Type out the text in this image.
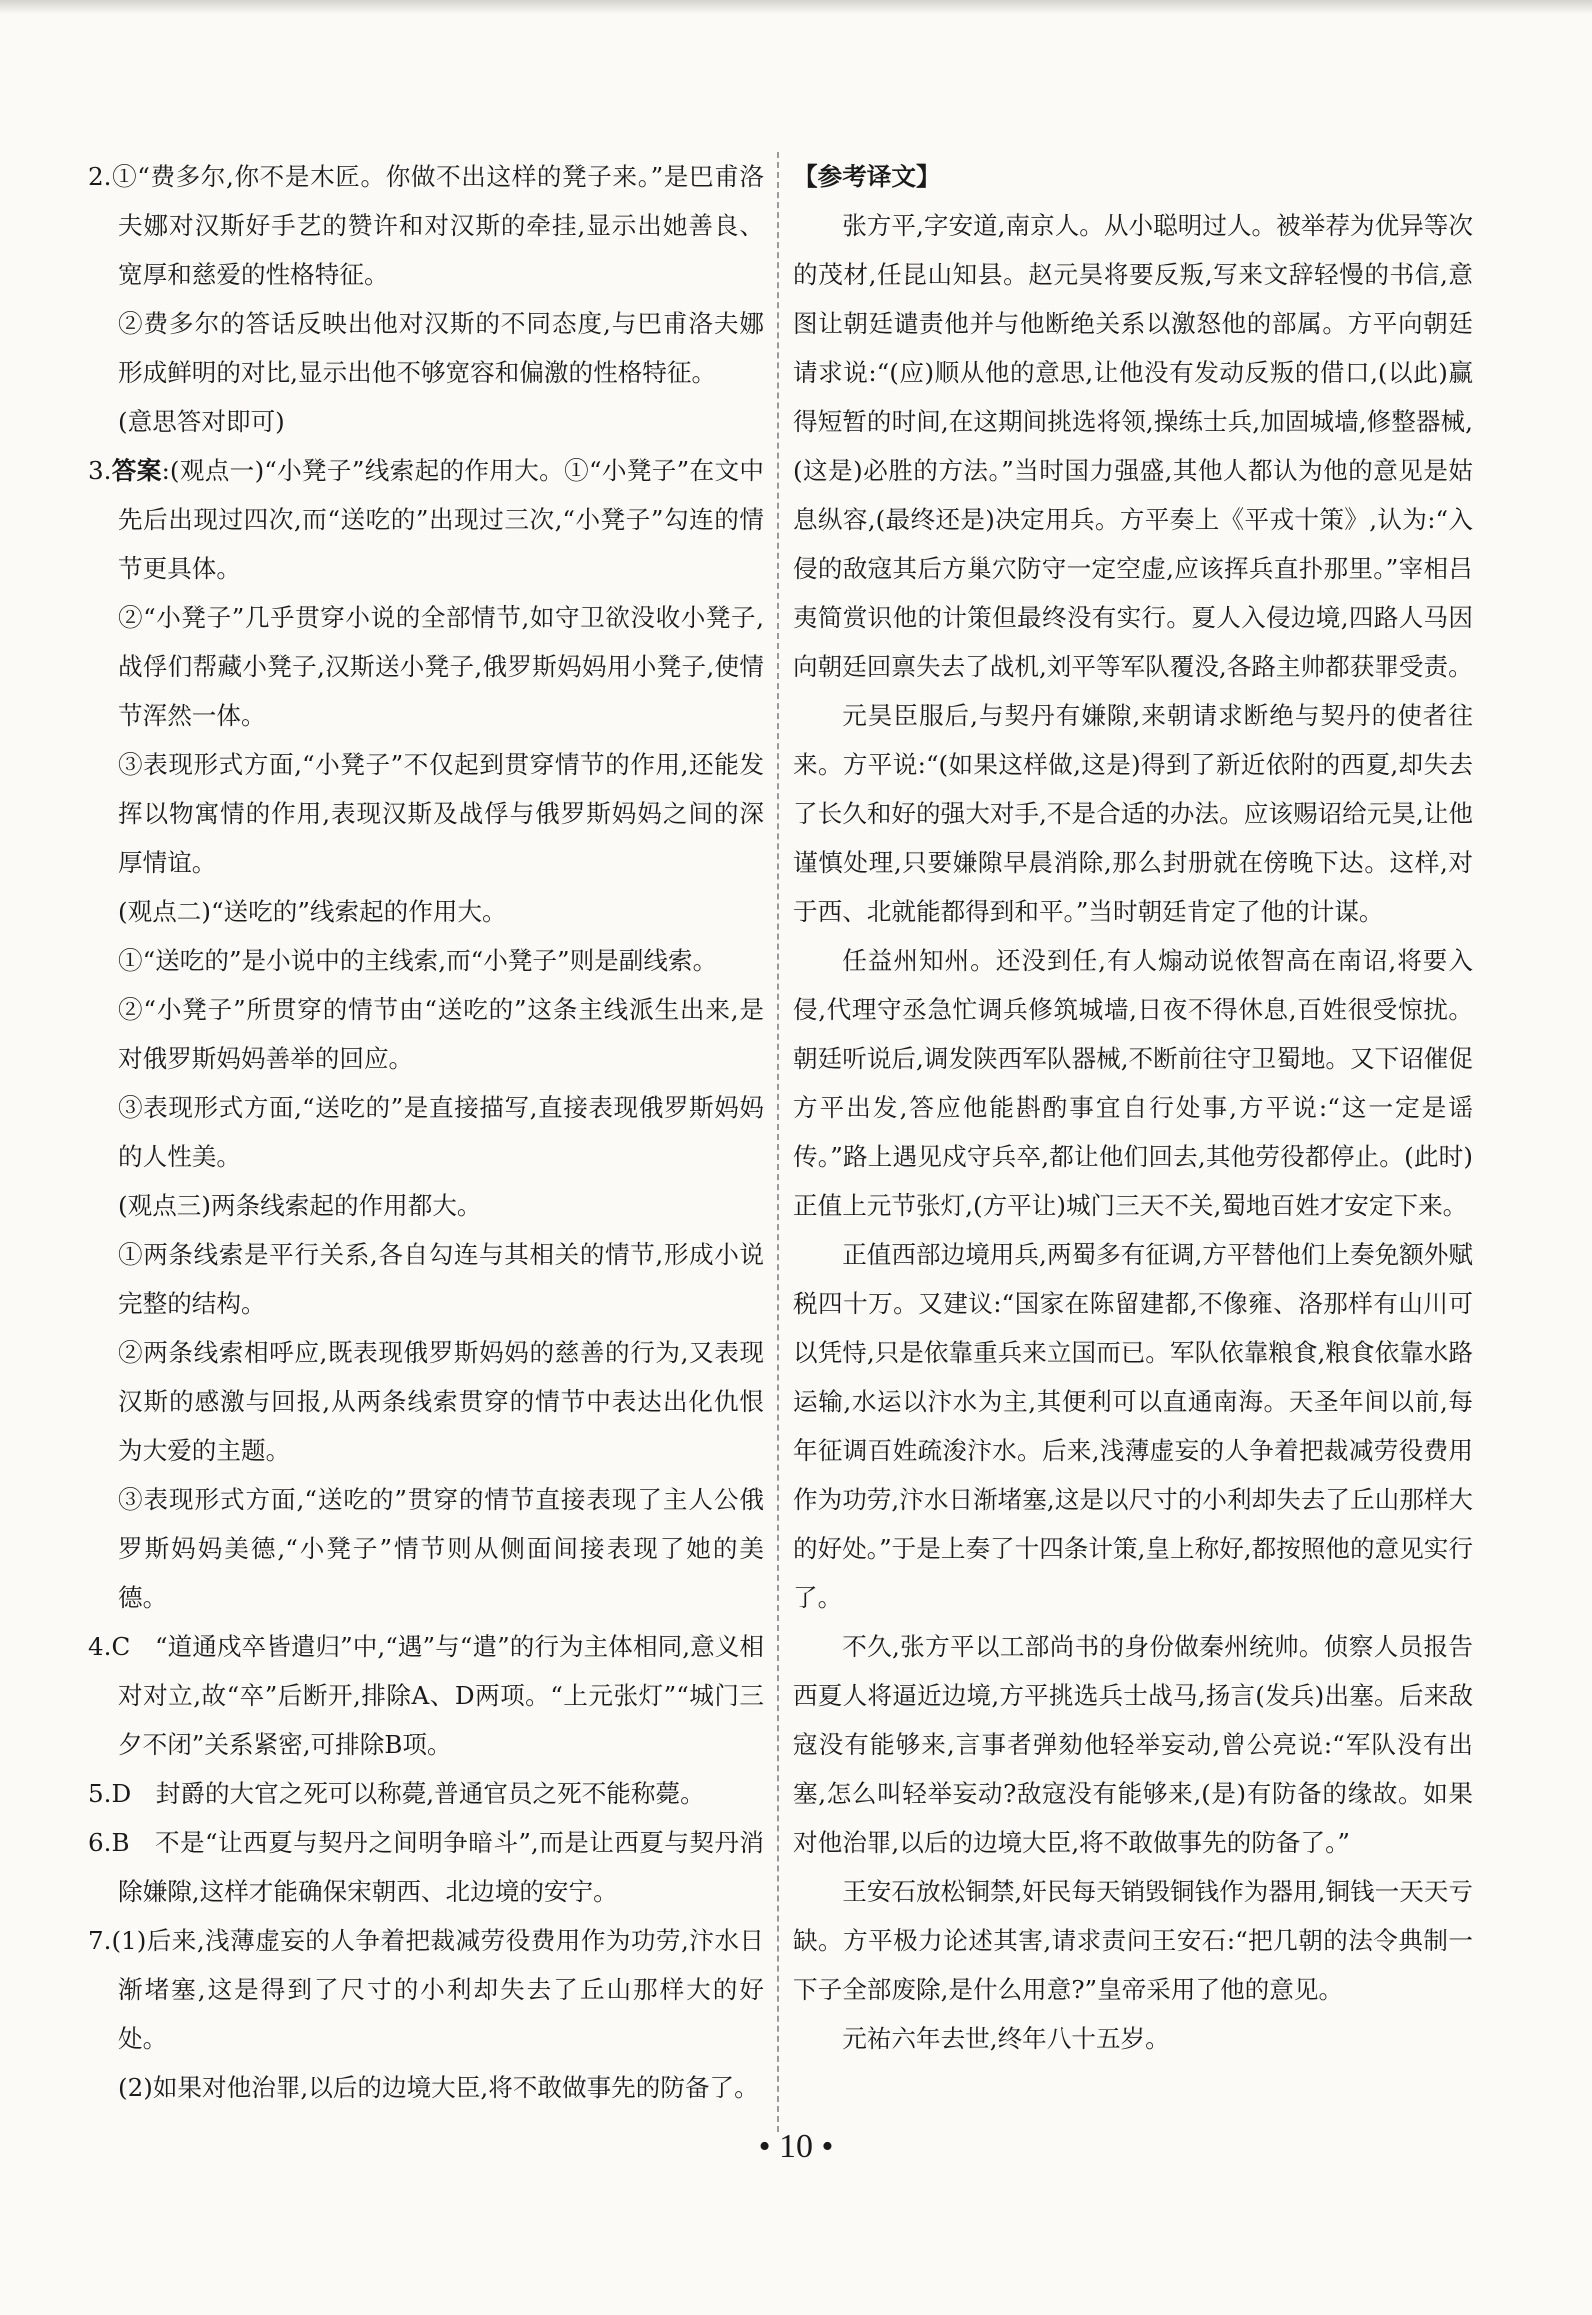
2.①“费多尔,你不是木匠。你做不出这样的凳子来。”是巴甫洛夫娜对汉斯好手艺的赞许和对汉斯的牵挂,显示出她善良、宽厚和慈爱的性格特征。

②费多尔的答话反映出他对汉斯的不同态度,与巴甫洛夫娜形成鲜明的对比,显示出他不够宽容和偏激的性格特征。

(意思答对即可)

3.答案:(观点一)“小凳子”线索起的作用大。①“小凳子”在文中先后出现过四次,而“送吃的”出现过三次,“小凳子”勾连的情节更具体。

②“小凳子”几乎贯穿小说的全部情节,如守卫欲没收小凳子,战俘们帮藏小凳子,汉斯送小凳子,俄罗斯妈妈用小凳子,使情节浑然一体。

③表现形式方面,“小凳子”不仅起到贯穿情节的作用,还能发挥以物寓情的作用,表现汉斯及战俘与俄罗斯妈妈之间的深厚情谊。

(观点二)“送吃的”线索起的作用大。

①“送吃的”是小说中的主线索,而“小凳子”则是副线索。

②“小凳子”所贯穿的情节由“送吃的”这条主线派生出来,是对俄罗斯妈妈善举的回应。

③表现形式方面,“送吃的”是直接描写,直接表现俄罗斯妈妈的人性美。

(观点三)两条线索起的作用都大。

①两条线索是平行关系,各自勾连与其相关的情节,形成小说完整的结构。

②两条线索相呼应,既表现俄罗斯妈妈的慈善的行为,又表现汉斯的感激与回报,从两条线索贯穿的情节中表达出化仇恨为大爱的主题。

③表现形式方面,“送吃的”贯穿的情节直接表现了主人公俄罗斯妈妈美德,“小凳子”情节则从侧面间接表现了她的美德。

4.C　“道通戍卒皆遣归”中,“遇”与“遣”的行为主体相同,意义相对对立,故“卒”后断开,排除A、D两项。“上元张灯”“城门三夕不闭”关系紧密,可排除B项。

5.D　封爵的大官之死可以称薨,普通官员之死不能称薨。

6.B　不是“让西夏与契丹之间明争暗斗”,而是让西夏与契丹消除嫌隙,这样才能确保宋朝西、北边境的安宁。

7.(1)后来,浅薄虚妄的人争着把裁减劳役费用作为功劳,汴水日渐堵塞,这是得到了尺寸的小利却失去了丘山那样大的好处。

(2)如果对他治罪,以后的边境大臣,将不敢做事先的防备了。

【参考译文】

张方平,字安道,南京人。从小聪明过人。被举荐为优异等次的茂材,任昆山知县。赵元昊将要反叛,写来文辞轻慢的书信,意图让朝廷谴责他并与他断绝关系以激怒他的部属。方平向朝廷请求说:“(应)顺从他的意思,让他没有发动反叛的借口,(以此)赢得短暂的时间,在这期间挑选将领,操练士兵,加固城墙,修整器械,(这是)必胜的方法。”当时国力强盛,其他人都认为他的意见是姑息纵容,(最终还是)决定用兵。方平奏上《平戎十策》,认为:“入侵的敌寇其后方巢穴防守一定空虚,应该挥兵直扑那里。”宰相吕夷简赏识他的计策但最终没有实行。夏人入侵边境,四路人马因向朝廷回禀失去了战机,刘平等军队覆没,各路主帅都获罪受责。

元昊臣服后,与契丹有嫌隙,来朝请求断绝与契丹的使者往来。方平说:“(如果这样做,这是)得到了新近依附的西夏,却失去了长久和好的强大对手,不是合适的办法。应该赐诏给元昊,让他谨慎处理,只要嫌隙早晨消除,那么封册就在傍晚下达。这样,对于西、北就能都得到和平。”当时朝廷肯定了他的计谋。

任益州知州。还没到任,有人煽动说侬智高在南诏,将要入侵,代理守丞急忙调兵修筑城墙,日夜不得休息,百姓很受惊扰。朝廷听说后,调发陕西军队器械,不断前往守卫蜀地。又下诏催促方平出发,答应他能斟酌事宜自行处事,方平说:“这一定是谣传。”路上遇见戍守兵卒,都让他们回去,其他劳役都停止。(此时)正值上元节张灯,(方平让)城门三天不关,蜀地百姓才安定下来。

正值西部边境用兵,两蜀多有征调,方平替他们上奏免额外赋税四十万。又建议:“国家在陈留建都,不像雍、洛那样有山川可以凭恃,只是依靠重兵来立国而已。军队依靠粮食,粮食依靠水路运输,水运以汴水为主,其便利可以直通南海。天圣年间以前,每年征调百姓疏浚汴水。后来,浅薄虚妄的人争着把裁减劳役费用作为功劳,汴水日渐堵塞,这是以尺寸的小利却失去了丘山那样大的好处。”于是上奏了十四条计策,皇上称好,都按照他的意见实行了。

不久,张方平以工部尚书的身份做秦州统帅。侦察人员报告西夏人将逼近边境,方平挑选兵士战马,扬言(发兵)出塞。后来敌寇没有能够来,言事者弹劾他轻举妄动,曾公亮说:“军队没有出塞,怎么叫轻举妄动?敌寇没有能够来,(是)有防备的缘故。如果对他治罪,以后的边境大臣,将不敢做事先的防备了。”

王安石放松铜禁,奸民每天销毁铜钱作为器用,铜钱一天天亏缺。方平极力论述其害,请求责问王安石:“把几朝的法令典制一下子全部废除,是什么用意?”皇帝采用了他的意见。

元祐六年去世,终年八十五岁。

• 10 •
